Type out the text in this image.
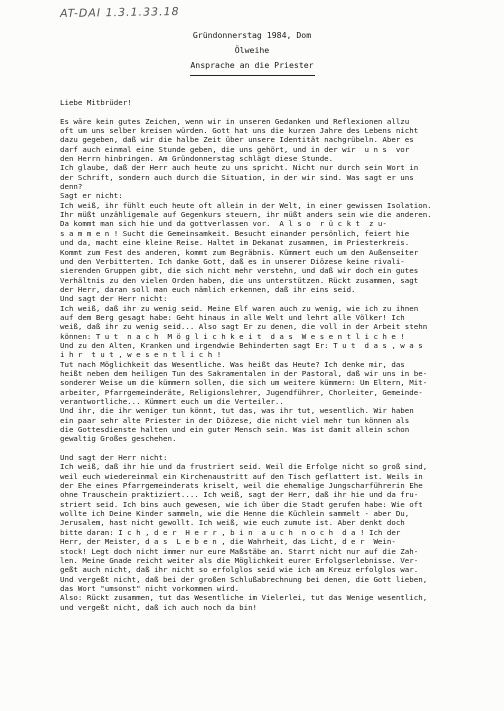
AT-DAI 1.3.1.33.18
Gründonnerstag 1984, Dom
Ölweihe
Ansprache an die Priester
Liebe Mitbrüder!
Es wäre kein gutes Zeichen, wenn wir in unseren Gedanken und Reflexionen allzu
oft um uns selber kreisen würden. Gott hat uns die kurzen Jahre des Lebens nicht
dazu gegeben, daß wir die halbe Zeit über unsere Identität nachgrübeln. Aber es
darf auch einmal eine Stunde geben, die uns gehört, und in der wir  u n s  vor
den Herrn hinbringen. Am Gründonnerstag schlägt diese Stunde.
Ich glaube, daß der Herr auch heute zu uns spricht. Nicht nur durch sein Wort in
der Schrift, sondern auch durch die Situation, in der wir sind. Was sagt er uns
denn?
Sagt er nicht:
Ich weiß, ihr fühlt euch heute oft allein in der Welt, in einer gewissen Isolation.
Ihr müßt unzähligemale auf Gegenkurs steuern, ihr müßt anders sein wie die anderen.
Da kommt man sich hie und da gottverlassen vor.  A l s o  r ü c k t  z u-
s a m m e n ! Sucht die Gemeinsamkeit. Besucht einander persönlich, feiert hie
und da, macht eine kleine Reise. Haltet im Dekanat zusammen, im Priesterkreis.
Kommt zum Fest des anderen, kommt zum Begräbnis. Kümmert euch um den Außenseiter
und den Verbitterten. Ich danke Gott, daß es in unserer Diözese keine rivali-
sierenden Gruppen gibt, die sich nicht mehr verstehn, und daß wir doch ein gutes
Verhältnis zu den vielen Orden haben, die uns unterstützen. Rückt zusammen, sagt
der Herr, daran soll man euch nämlich erkennen, daß ihr eins seid.
Und sagt der Herr nicht:
Ich weiß, daß ihr zu wenig seid. Meine Elf waren auch zu wenig, wie ich zu ihnen
auf dem Berg gesagt habe: Geht hinaus in alle Welt und lehrt alle Völker! Ich
weiß, daß ihr zu wenig seid... Also sagt Er zu denen, die voll in der Arbeit stehn
können: T u t  n a c h  M ö g l i c h k e i t  d a s  W e s e n t l i c h e !
Und zu den Alten, Kranken und irgendwie Behinderten sagt Er: T u t  d a s , w a s
i h r  t u t , w e s e n t l i c h !
Tut nach Möglichkeit das Wesentliche. Was heißt das Heute? Ich denke mir, das
heißt neben dem heiligen Tun des Sakramentalen in der Pastoral, daß wir uns in be-
sonderer Weise um die kümmern sollen, die sich um weitere kümmern: Um Eltern, Mit-
arbeiter, Pfarrgemeinderäte, Religionslehrer, Jugendführer, Chorleiter, Gemeinde-
verantwortliche... Kümmert euch um die Verteiler..
Und ihr, die ihr weniger tun könnt, tut das, was ihr tut, wesentlich. Wir haben
ein paar sehr alte Priester in der Diözese, die nicht viel mehr tun können als
die Gottesdienste halten und ein guter Mensch sein. Was ist damit allein schon
gewaltig Großes geschehen.
Und sagt der Herr nicht:
Ich weiß, daß ihr hie und da frustriert seid. Weil die Erfolge nicht so groß sind,
weil euch wiedereinmal ein Kirchenaustritt auf den Tisch geflattert ist. Weils in
der Ehe eines Pfarrgemeinderats kriselt, weil die ehemalige Jungscharführerin Ehe
ohne Trauschein praktiziert.... Ich weiß, sagt der Herr, daß ihr hie und da fru-
striert seid. Ich bins auch gewesen, wie ich über die Stadt gerufen habe: Wie oft
wollte ich Deine Kinder sammeln, wie die Henne die Küchlein sammelt - aber Du,
Jerusalem, hast nicht gewollt. Ich weiß, wie euch zumute ist. Aber denkt doch
bitte daran: I c h , d e r  H e r r , b i n  a u c h  n o c h  d a ! Ich der
Herr, der Meister, d a s  L e b e n , die Wahrheit, das Licht, d e r  Wein-
stock! Legt doch nicht immer nur eure Maßstäbe an. Starrt nicht nur auf die Zah-
len. Meine Gnade reicht weiter als die Möglichkeit eurer Erfolgserlebnisse. Ver-
geßt auch nicht, daß ihr nicht so erfolglos seid wie ich am Kreuz erfolglos war.
Und vergeßt nicht, daß bei der großen Schlußabrechnung bei denen, die Gott lieben,
das Wort "umsonst" nicht vorkommen wird.
Also: Rückt zusammen, tut das Wesentliche im Vielerlei, tut das Wenige wesentlich,
und vergeßt nicht, daß ich auch noch da bin!
